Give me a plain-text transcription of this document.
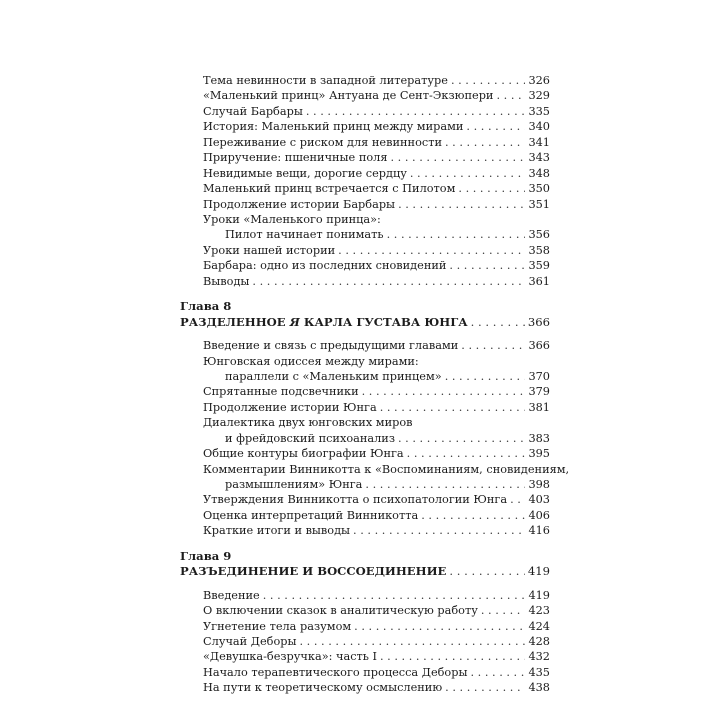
Тема невинности в западной литературе . . .	326
«Маленький принц» Антуана де Сент-Экзюпери . . .	329
Случай Барбары . . .	335
История: Маленький принц между мирами . . .	340
Переживание с риском для невинности . . .	341
Приручение: пшеничные поля . . .	343
Невидимые вещи, дорогие сердцу . . .	348
Маленький принц встречается с Пилотом . . .	350
Продолжение истории Барбары . . .	351
Уроки «Маленького принца»:
Пилот начинает понимать . . .	356
Уроки нашей истории . . .	358
Барбара: одно из последних сновидений . . .	359
Выводы . . .	361
Глава 8
РАЗДЕЛЕННОЕ Я КАРЛА ГУСТАВА ЮНГА . . .	366
Введение и связь с предыдущими главами . . .	366
Юнговская одиссея между мирами:
параллели с «Маленьким принцем» . . .	370
Спрятанные подсвечники . . .	379
Продолжение истории Юнга . . .	381
Диалектика двух юнговских миров
и фрейдовский психоанализ . . .	383
Общие контуры биографии Юнга . . .	395
Комментарии Винникотта к «Воспоминаниям, сновидениям,
размышлениям» Юнга . . .	398
Утверждения Винникотта о психопатологии Юнга . . . 403
Оценка интерпретаций Винникотта . . .	406
Краткие итоги и выводы . . .	416
Глава 9
РАЗЪЕДИНЕНИЕ И ВОССОЕДИНЕНИЕ . . .	419
Введение . . .	419
О включении сказок в аналитическую работу . . .	423
Угнетение тела разумом . . .	424
Случай Деборы . . .	428
«Девушка-безручка»: часть I . . .	432
Начало терапевтического процесса Деборы . . .	435
На пути к теоретическому осмыслению . . .	438
